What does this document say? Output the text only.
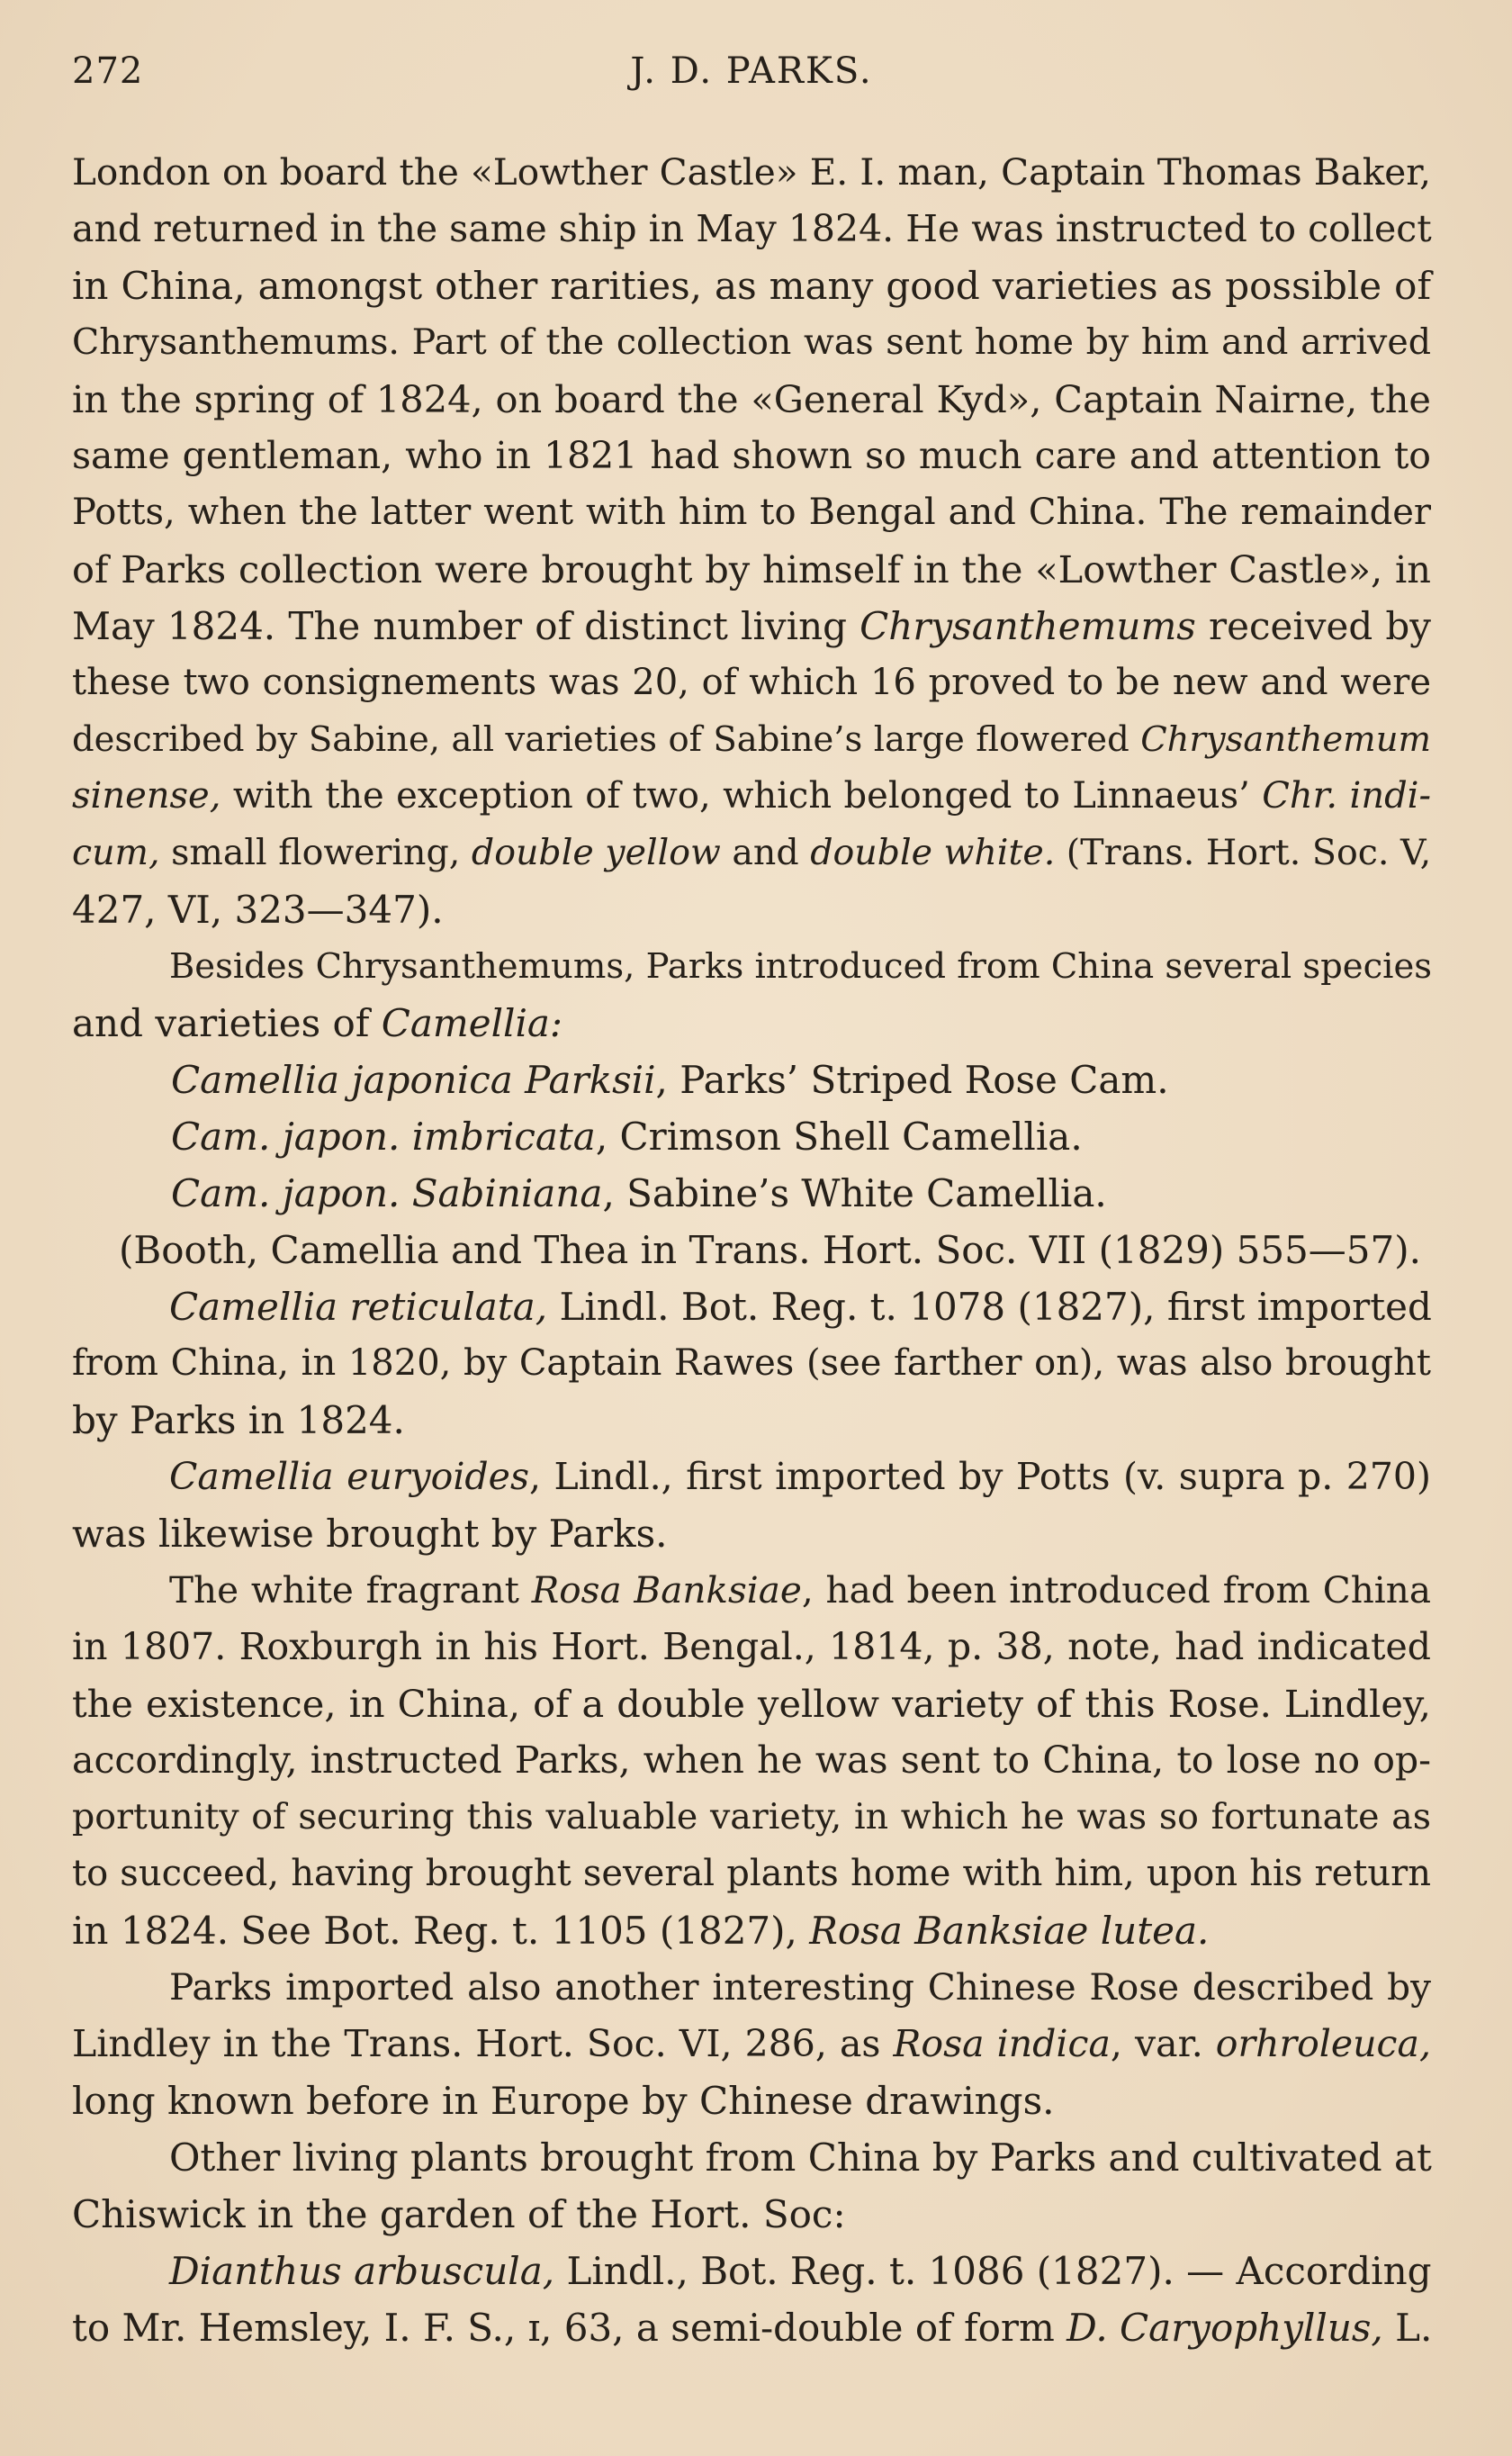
272	J. D. PARKS.
London on board the «Lowther Castle» E. I. man, Captain Thomas Baker,
and returned in the same ship in May 1824. He was instructed to collect
in China, amongst other rarities, as many good varieties as possible of
Chrysanthemums. Part of the collection was sent home by him and arrived
in the spring of 1824, on board the «General Kyd», Captain Nairne, the
same gentleman, who in 1821 had shown so much care and attention to
Potts, when the latter went with him to Bengal and China. The remainder
of Parks collection were brought by himself in the «Lowther Castle», in
May 1824. The number of distinct living Chrysanthemums received by
these two consignements was 20, of which 16 proved to be new and were
described by Sabine, all varieties of Sabine’s large flowered Chrysanthemum
sinense, with the exception of two, which belonged to Linnaeus’ Chr. indi-
cum, small flowering, double yellow and double white. (Trans. Hort. Soc. V,
427, VI, 323—347).
Besides Chrysanthemums, Parks introduced from China several species
and varieties of Camellia:
Camellia japonica Parksii, Parks’ Striped Rose Cam.
Cam. japon. imbricata, Crimson Shell Camellia.
Cam. japon. Sabiniana, Sabine’s White Camellia.
(Booth, Camellia and Thea in Trans. Hort. Soc. VII (1829) 555—57).
Camellia reticulata, Lindl. Bot. Reg. t. 1078 (1827), first imported
from China, in 1820, by Captain Rawes (see farther on), was also brought
by Parks in 1824.
Camellia euryoides, Lindl., first imported by Potts (v. supra p. 270)
was likewise brought by Parks.
The white fragrant Rosa Banksiae, had been introduced from China
in 1807. Roxburgh in his Hort. Bengal., 1814, p. 38, note, had indicated
the existence, in China, of a double yellow variety of this Rose. Lindley,
accordingly, instructed Parks, when he was sent to China, to lose no op-
portunity of securing this valuable variety, in which he was so fortunate as
to succeed, having brought several plants home with him, upon his return
in 1824. See Bot. Reg. t. 1105 (1827), Rosa Banksiae lutea.
Parks imported also another interesting Chinese Rose described by
Lindley in the Trans. Hort. Soc. VI, 286, as Rosa indica, var. orhroleuca,
long known before in Europe by Chinese drawings.
Other living plants brought from China by Parks and cultivated at
Chiswick in the garden of the Hort. Soc:
Dianthus arbuscula, Lindl., Bot. Reg. t. 1086 (1827). — According
to Mr. Hemsley, I. F. S., ɪ, 63, a semi-double of form D. Caryophyllus, L.
